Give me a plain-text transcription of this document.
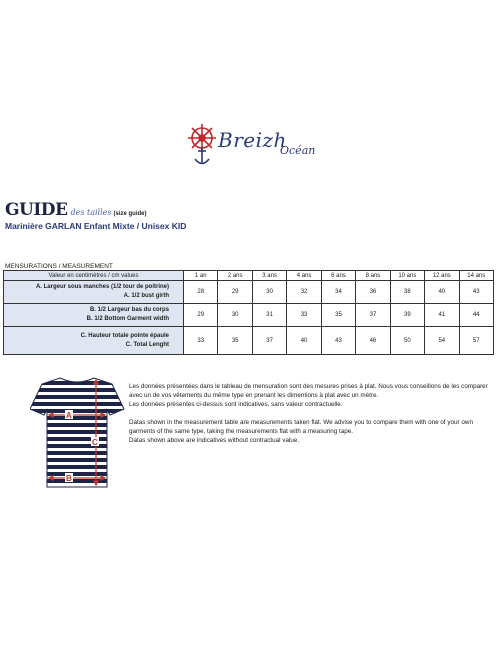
Breizh
Océan
GUIDE des tailles (size guide)
Marinière GARLAN Enfant Mixte / Unisex KID
MENSURATIONS / MEASUREMENT
Valeur en centimètres / cm values	1 an	2 ans	3 ans	4 ans	6 ans	8 ans	10 ans	12 ans	14 ans

A. Largeur sous manches (1/2 tour de poitrine)
A. 1/2 bust girth	28	29	30	32	34	36	38	40	43

B. 1/2 Largeur bas du corps
B. 1/2 Bottom Garment width	29	30	31	33	35	37	39	41	44

C. Hauteur totale pointe épaule
C. Total Lenght	33	35	37	40	43	46	50	54	57
A
B
C

Les données présentées dans le tableau de mensuration sont des mesures prises à plat. Nous vous conseillons de les comparer avec un de vos vêtements du même type en prenant les dimentions à plat avec un mètre.

Les données présentes ci-dessus sont indicatives, sans valeur contractuelle.

Datas shown in the measurement table are measurements taken flat. We advise you to compare them with one of your own garments of the same type, taking the measurements flat with a measuring tape.

Datas shown above are indicatives without contractual value.
